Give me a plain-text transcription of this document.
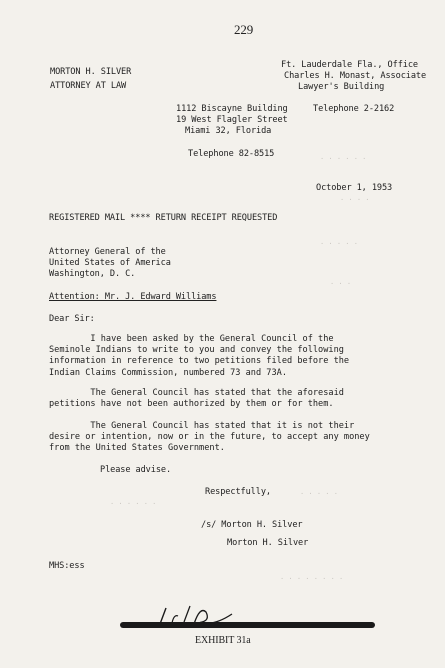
229
MORTON H. SILVER
ATTORNEY AT LAW
Ft. Lauderdale Fla., Office
Charles H. Monast, Associate
Lawyer's Building
1112 Biscayne Building	Telephone 2-2162
19 West Flagler Street
Miami 32, Florida
Telephone 82-8515
October 1, 1953
REGISTERED MAIL **** RETURN RECEIPT REQUESTED
Attorney General of the
United States of America
Washington, D. C.
Attention: Mr. J. Edward Williams
Dear Sir:
I have been asked by the General Council of the
Seminole Indians to write to you and convey the following
information in reference to two petitions filed before the
Indian Claims Commission, numbered 73 and 73A.
The General Council has stated that the aforesaid
petitions have not been authorized by them or for them.
The General Council has stated that it is not their
desire or intention, now or in the future, to accept any money
from the United States Government.
Please advise.
Respectfully,
/s/ Morton H. Silver
Morton H. Silver
MHS:ess
· · · · · ·
· · · ·
· · · · ·
· · ·
· · · · · ·
· · · · ·
· · · · · · · ·
EXHIBIT 31a
